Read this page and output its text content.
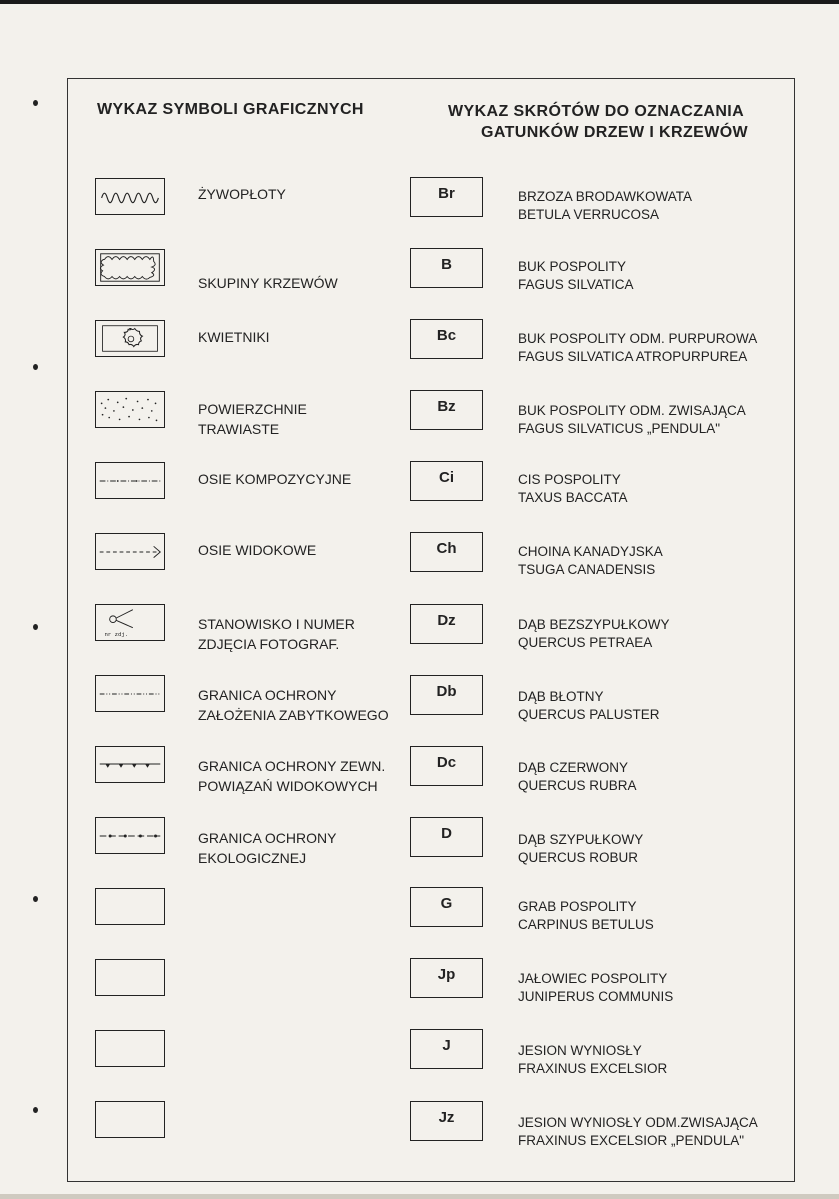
WYKAZ SYMBOLI GRAFICZNYCH	WYKAZ SKRÓTÓW DO OZNACZANIA
GATUNKÓW DRZEW I KRZEWÓW
ŻYWOPŁOTY
SKUPINY KRZEWÓW
KWIETNIKI
POWIERZCHNIE
TRAWIASTE
OSIE KOMPOZYCYJNE
OSIE WIDOKOWE
nr zdj.
STANOWISKO I NUMER
ZDJĘCIA FOTOGRAF.
GRANICA OCHRONY
ZAŁOŻENIA ZABYTKOWEGO
GRANICA OCHRONY ZEWN.
POWIĄZAŃ WIDOKOWYCH
GRANICA OCHRONY
EKOLOGICZNEJ
Br	BRZOZA BRODAWKOWATA
BETULA VERRUCOSA
B	BUK POSPOLITY
FAGUS SILVATICA
Bc	BUK POSPOLITY ODM. PURPUROWA
FAGUS SILVATICA ATROPURPUREA
Bz	BUK POSPOLITY ODM. ZWISAJĄCA
FAGUS SILVATICUS „PENDULA"
Ci	CIS POSPOLITY
TAXUS BACCATA
Ch	CHOINA KANADYJSKA
TSUGA CANADENSIS
Dz	DĄB BEZSZYPUŁKOWY
QUERCUS PETRAEA
Db	DĄB BŁOTNY
QUERCUS PALUSTER
Dc	DĄB CZERWONY
QUERCUS RUBRA
D	DĄB SZYPUŁKOWY
QUERCUS ROBUR
G	GRAB POSPOLITY
CARPINUS BETULUS
Jp	JAŁOWIEC POSPOLITY
JUNIPERUS COMMUNIS
J	JESION WYNIOSŁY
FRAXINUS EXCELSIOR
Jz	JESION WYNIOSŁY ODM.ZWISAJĄCA
FRAXINUS EXCELSIOR „PENDULA"
